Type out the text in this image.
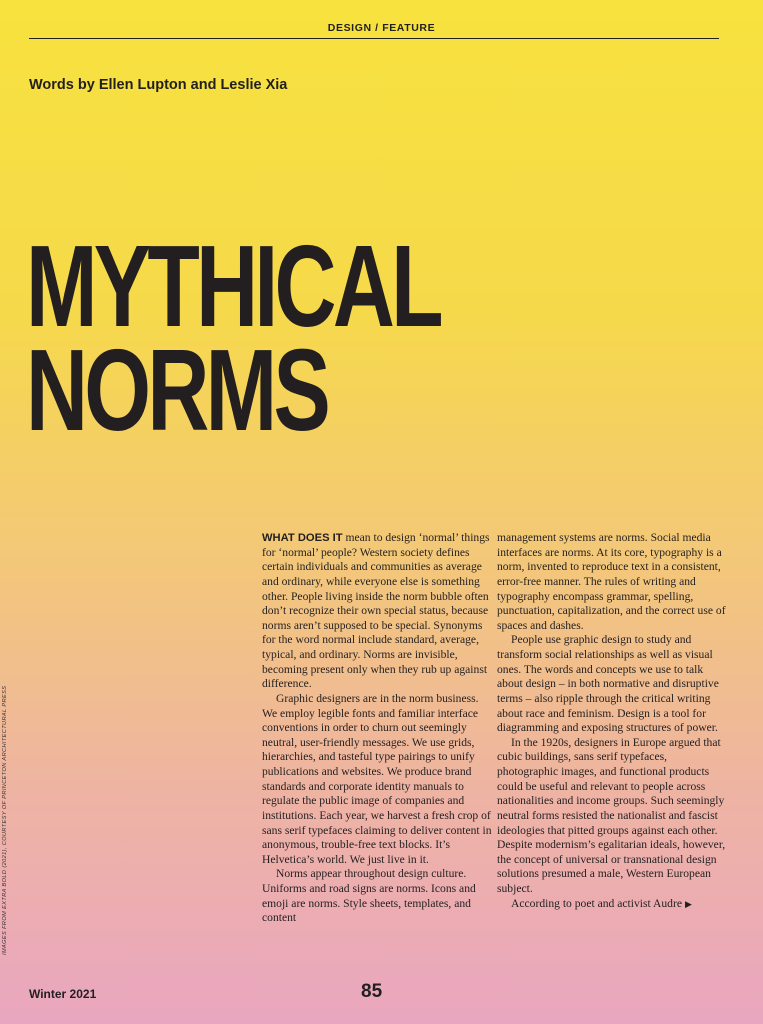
DESIGN / FEATURE
Words by Ellen Lupton and Leslie Xia
MYTHICAL
NORMS

WHAT DOES IT mean to design ‘normal’ things for ‘normal’ people? Western society defines certain individuals and communities as average and ordinary, while everyone else is something other. People living inside the norm bubble often don’t recognize their own special status, because norms aren’t supposed to be special. Synonyms for the word normal include standard, average, typical, and ordinary. Norms are invisible, becoming present only when they rub up against difference.

Graphic designers are in the norm business. We employ legible fonts and familiar interface conventions in order to churn out seemingly neutral, user-friendly messages. We use grids, hierarchies, and tasteful type pairings to unify publications and websites. We produce brand standards and corporate identity manuals to regulate the public image of companies and institutions. Each year, we harvest a fresh crop of sans serif typefaces claiming to deliver content in anonymous, trouble-free text blocks. It’s Helvetica’s world. We just live in it.

Norms appear throughout design culture. Uniforms and road signs are norms. Icons and emoji are norms. Style sheets, templates, and content

management systems are norms. Social media interfaces are norms. At its core, typography is a norm, invented to reproduce text in a consistent, error-free manner. The rules of writing and typography encompass grammar, spelling, punctuation, capitalization, and the correct use of spaces and dashes.

People use graphic design to study and transform social relationships as well as visual ones. The words and concepts we use to talk about design – in both normative and disruptive terms – also ripple through the critical writing about race and feminism. Design is a tool for diagramming and exposing structures of power.

In the 1920s, designers in Europe argued that cubic buildings, sans serif typefaces, photographic images, and functional products could be useful and relevant to people across nationalities and income groups. Such seemingly neutral forms resisted the nationalist and fascist ideologies that pitted groups against each other. Despite modernism’s egalitarian ideals, however, the concept of universal or transnational design solutions presumed a male, Western European subject.

According to poet and activist Audre ▶

IMAGES FROM EXTRA BOLD (2021), COURTESY OF PRINCETON ARCHITECTURAL PRESS
Winter 2021	85
